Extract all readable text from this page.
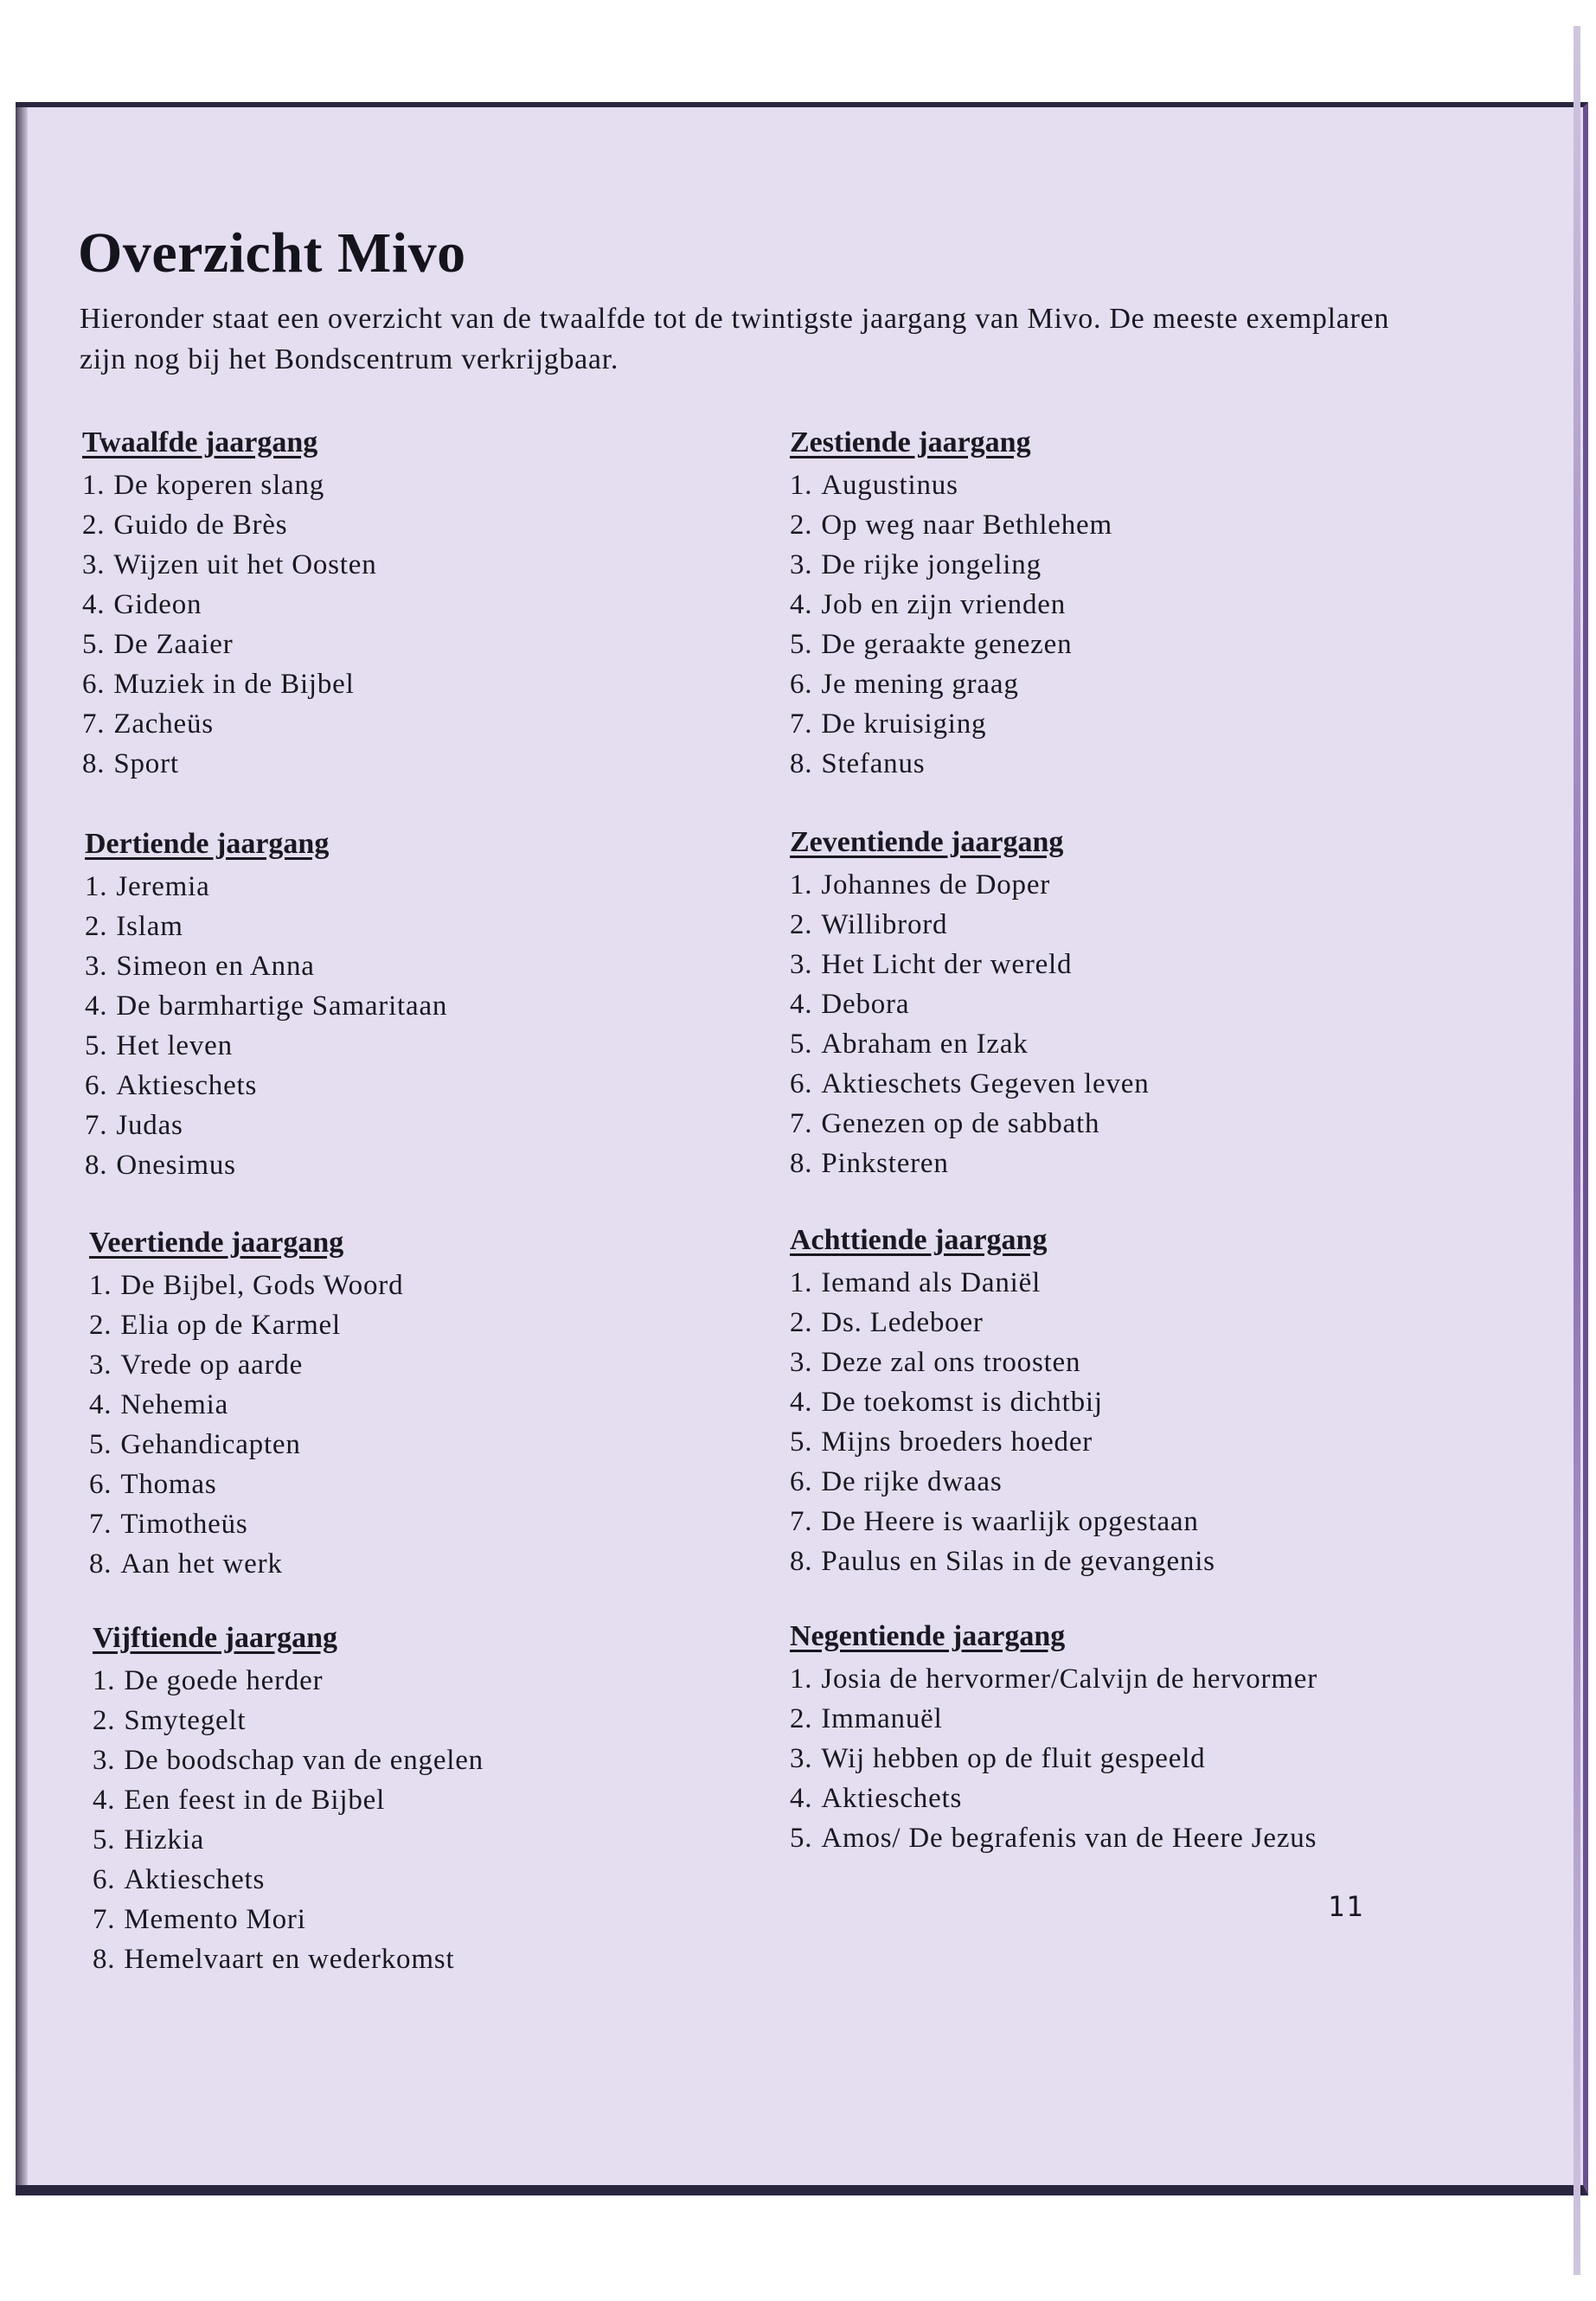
Overzicht Mivo

Hieronder staat een overzicht van de twaalfde tot de twintigste jaargang van Mivo. De meeste exemplaren zijn nog bij het Bondscentrum verkrijgbaar.

Twaalfde jaargang
1. De koperen slang
2. Guido de Brès
3. Wijzen uit het Oosten
4. Gideon
5. De Zaaier
6. Muziek in de Bijbel
7. Zacheüs
8. Sport
Dertiende jaargang
1. Jeremia
2. Islam
3. Simeon en Anna
4. De barmhartige Samaritaan
5. Het leven
6. Aktieschets
7. Judas
8. Onesimus
Veertiende jaargang
1. De Bijbel, Gods Woord
2. Elia op de Karmel
3. Vrede op aarde
4. Nehemia
5. Gehandicapten
6. Thomas
7. Timotheüs
8. Aan het werk
Vijftiende jaargang
1. De goede herder
2. Smytegelt
3. De boodschap van de engelen
4. Een feest in de Bijbel
5. Hizkia
6. Aktieschets
7. Memento Mori
8. Hemelvaart en wederkomst
Zestiende jaargang
1. Augustinus
2. Op weg naar Bethlehem
3. De rijke jongeling
4. Job en zijn vrienden
5. De geraakte genezen
6. Je mening graag
7. De kruisiging
8. Stefanus
Zeventiende jaargang
1. Johannes de Doper
2. Willibrord
3. Het Licht der wereld
4. Debora
5. Abraham en Izak
6. Aktieschets Gegeven leven
7. Genezen op de sabbath
8. Pinksteren
Achttiende jaargang
1. Iemand als Daniël
2. Ds. Ledeboer
3. Deze zal ons troosten
4. De toekomst is dichtbij
5. Mijns broeders hoeder
6. De rijke dwaas
7. De Heere is waarlijk opgestaan
8. Paulus en Silas in de gevangenis
Negentiende jaargang
1. Josia de hervormer/Calvijn de hervormer
2. Immanuël
3. Wij hebben op de fluit gespeeld
4. Aktieschets
5. Amos/ De begrafenis van de Heere Jezus
11
